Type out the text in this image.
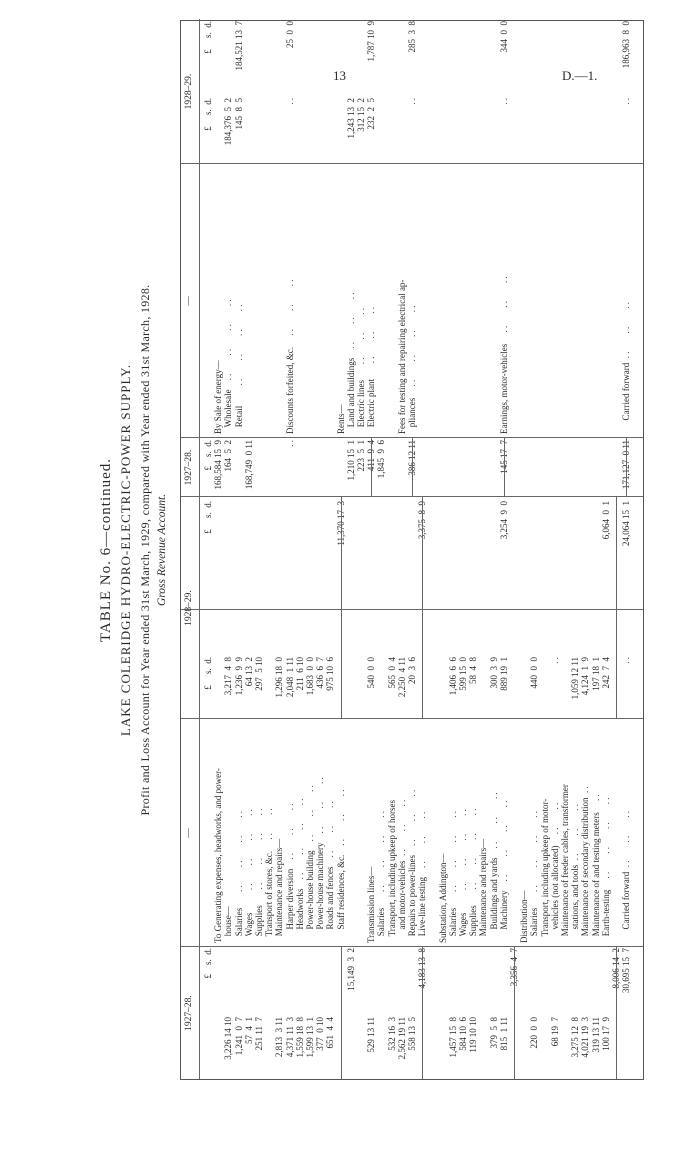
13	D.—1.
TABLE No. 6—continued. LAKE COLERIDGE HYDRO-ELECTRIC-POWER SUPPLY. Profit and Loss Account for Year ended 31st March, 1929, compared with Year ended 31st March, 1928. Gross Revenue Account.
1927–28.
—
1928–29.
1927–28.
—
1928–29.
£    s.  d.
£     s.  d.
£     s.  d.
£    s.  d.
£     s.  d.
£     s.  d.
To Generating expenses, headworks, and power-
168,584 15  9
By Sale of energy—
3,226 14 10
house—
3,217  4  8
164  5  2
Wholesale    . .        . .        . .        . .
184,376  5  2
1,241  0  7
Salaries       . .        . .        . .        . .
1,236  9  9
Retail         . .        . .        . .        . .
145  8  5
184,521 13  7
57  4  1
Wages          . .        . .        . .        . .
64 13  2
168,749  0 11
251 11  7
Supplies       . .        . .        . .        . .
297  5 10
Transport of stores, &c.     . .        . .
2,813  3 11
Maintenance and repairs—
1,296 18  0
4,371 11  3
Harper diversion    . .        . .        . .
2,048  1 11
. .
Discounts forfeited, &c.     . .        . .        . .
. .
25  0  0
1,559 18  8
Headworks    . .        . .        . .        . .
211  6 10
1,599 13  1
Power-house building    . .        . .        . .
1,683  0  0
377  0 10
Power-house machinery    . .        . .        . .
436  6  7
651  4  4
Roads and fences    . .        . .        . .
975 10  6
Staff residences, &c.    . .        . .        . .
11,370 17  3
Rents—
15,149  3  2
1,210 15  1
Land and buildings    . .        . .        . .
1,243 13  2
223  5  1
Electric lines       . .        . .        . .
312 15  2
529 13 11
Transmission lines—
540  0  0
411  9  4
Electric plant       . .        . .        . .
232  2  5
1,787 10  9
Salaries       . .        . .        . .        . .
1,845  9  6
532 16  3
Transport, including upkeep of horses
565  0  4
2,562 19 11
and motor-vehicles  . .        . .        . .
2,250  4 11
Fees for testing and repairing electrical ap-
558 13  5
Repairs to power-lines    . .        . .        . .
20  3  6
386 12 11
pliances     . .        . .        . .        . .
. .
285  3  8
4,183 13  8
Live-line testing    . .        . .        . .
3,375  8  9
Substation, Addington—
1,457 15  8
Salaries       . .        . .        . .        . .
1,406  6  6
584 10  6
Wages          . .        . .        . .        . .
599 15  0
119 10 10
Supplies       . .        . .        . .        . .
58  4  8
Maintenance and repairs—
379  5  8
Buildings and yards    . .        . .        . .
300  3  9
815  1 11
Machinery    . .        . .        . .        . .
889 19  1
3,254  9  0
145 17  7
Earnings, motor-vehicles     . .        . .        . .
. .
344  0  0
3,356  4  7
Distribution—
220  0  0
Salaries       . .        . .        . .        . .
440  0  0
Transport, including upkeep of motor-
68 19  7
vehicles (not allocated)     . .        . .
. .
Maintenance of feeder cables, transformer
3,275 12  8
stations, and tools  . .        . .        . .
1,059 12 11
4,021 19  3
Maintenance of secondary distribution  . .
4,124  1  9
319 13 11
Maintenance of and testing meters     . .
197 18  1
100 17  9
Earth-testing     . .        . .        . .        . .
242  7  4
6,064  0  1
8,006 14  2 30,695 15  7
Carried forward  . .        . .        . .
. .
24,064 15  1
171,127  0 11
Carried forward  . .        . .        . .
. .
186,963  8  0
